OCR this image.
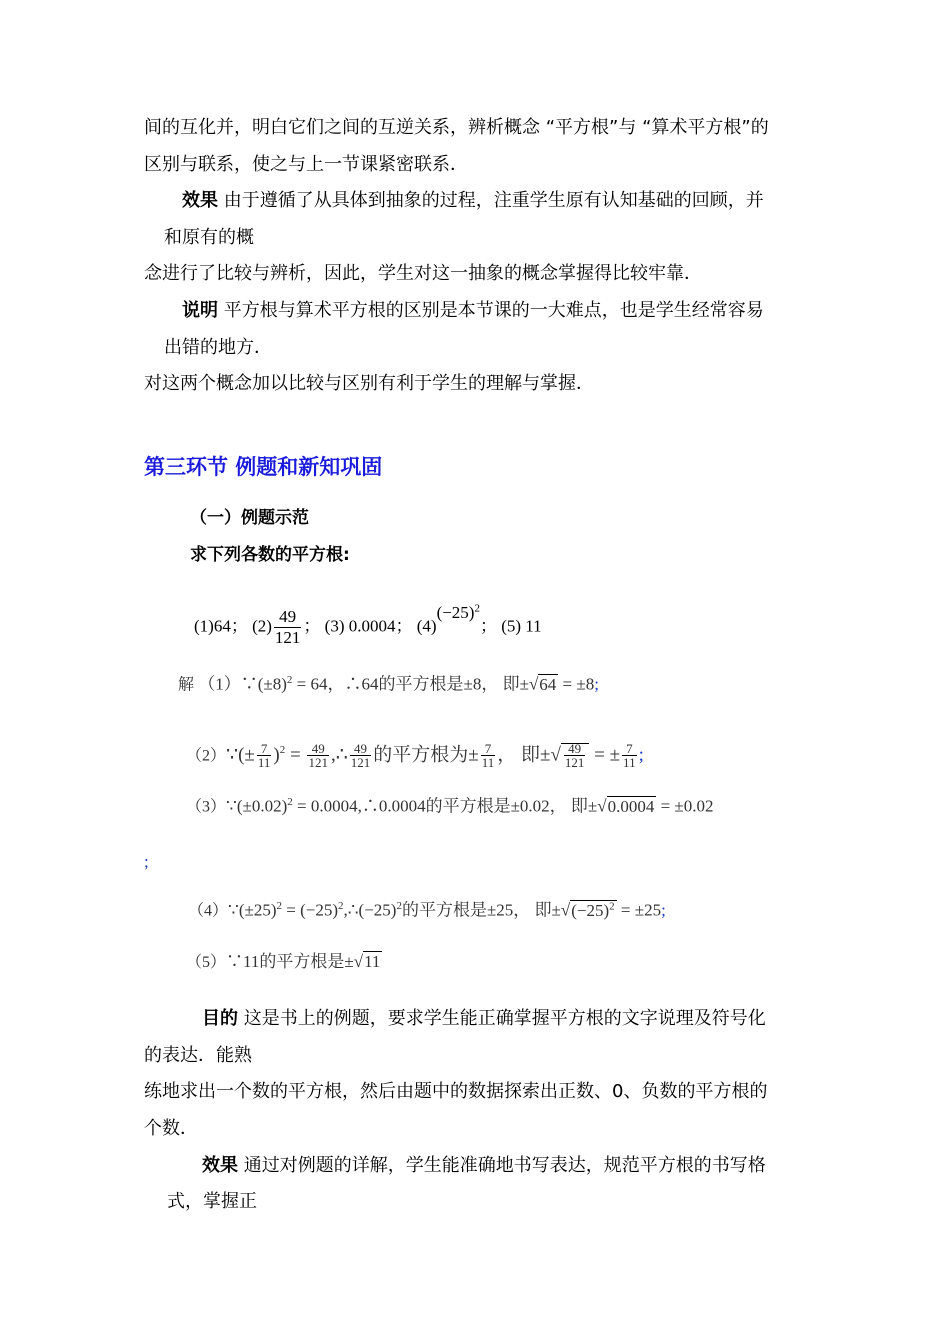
间的互化并，明白它们之间的互逆关系，辨析概念 “平方根”与 “算术平方根”的
区别与联系，使之与上一节课紧密联系．
效果 由于遵循了从具体到抽象的过程，注重学生原有认知基础的回顾，并
和原有的概
念进行了比较与辨析，因此，学生对这一抽象的概念掌握得比较牢靠．
说明 平方根与算术平方根的区别是本节课的一大难点，也是学生经常容易
出错的地方．
对这两个概念加以比较与区别有利于学生的理解与掌握．
第三环节 例题和新知巩固
（一）例题示范
求下列各数的平方根:
(1)64； $(2) \frac{49}{121}$ ； (3) 0.0004； $(4)(-25)^2$； (5) 11
解 $(1)\because(\pm 8)^2 = 64$，∴64的平方根是±8， 即±√64 = ±8;
（2）∵(± $\frac{7}{11} )^2 = \frac{49}{121}$ ,∴ $\frac{49}{121}$ 的平方根为± $\frac{7}{11}$ ， 即±√ $\frac{49}{121}$ = ± $\frac{7}{11}$ ;
$(3)\because(\pm 0.02)^2$ = 0.0004,∴0.0004的平方根是±0.02， 即±√0.0004 = ±0.02
;
$(4)\because(\pm 25)^2$ = $(-25)^2,\therefore(-25)^2$的平方根是±25， 即$\pm√(-25)^2 = \pm 25$;
（5）∵11的平方根是±√11
目的 这是书上的例题，要求学生能正确掌握平方根的文字说理及符号化
的表达．能熟
练地求出一个数的平方根，然后由题中的数据探索出正数、0、负数的平方根的
个数．
效果 通过对例题的详解，学生能准确地书写表达，规范平方根的书写格
式，掌握正
